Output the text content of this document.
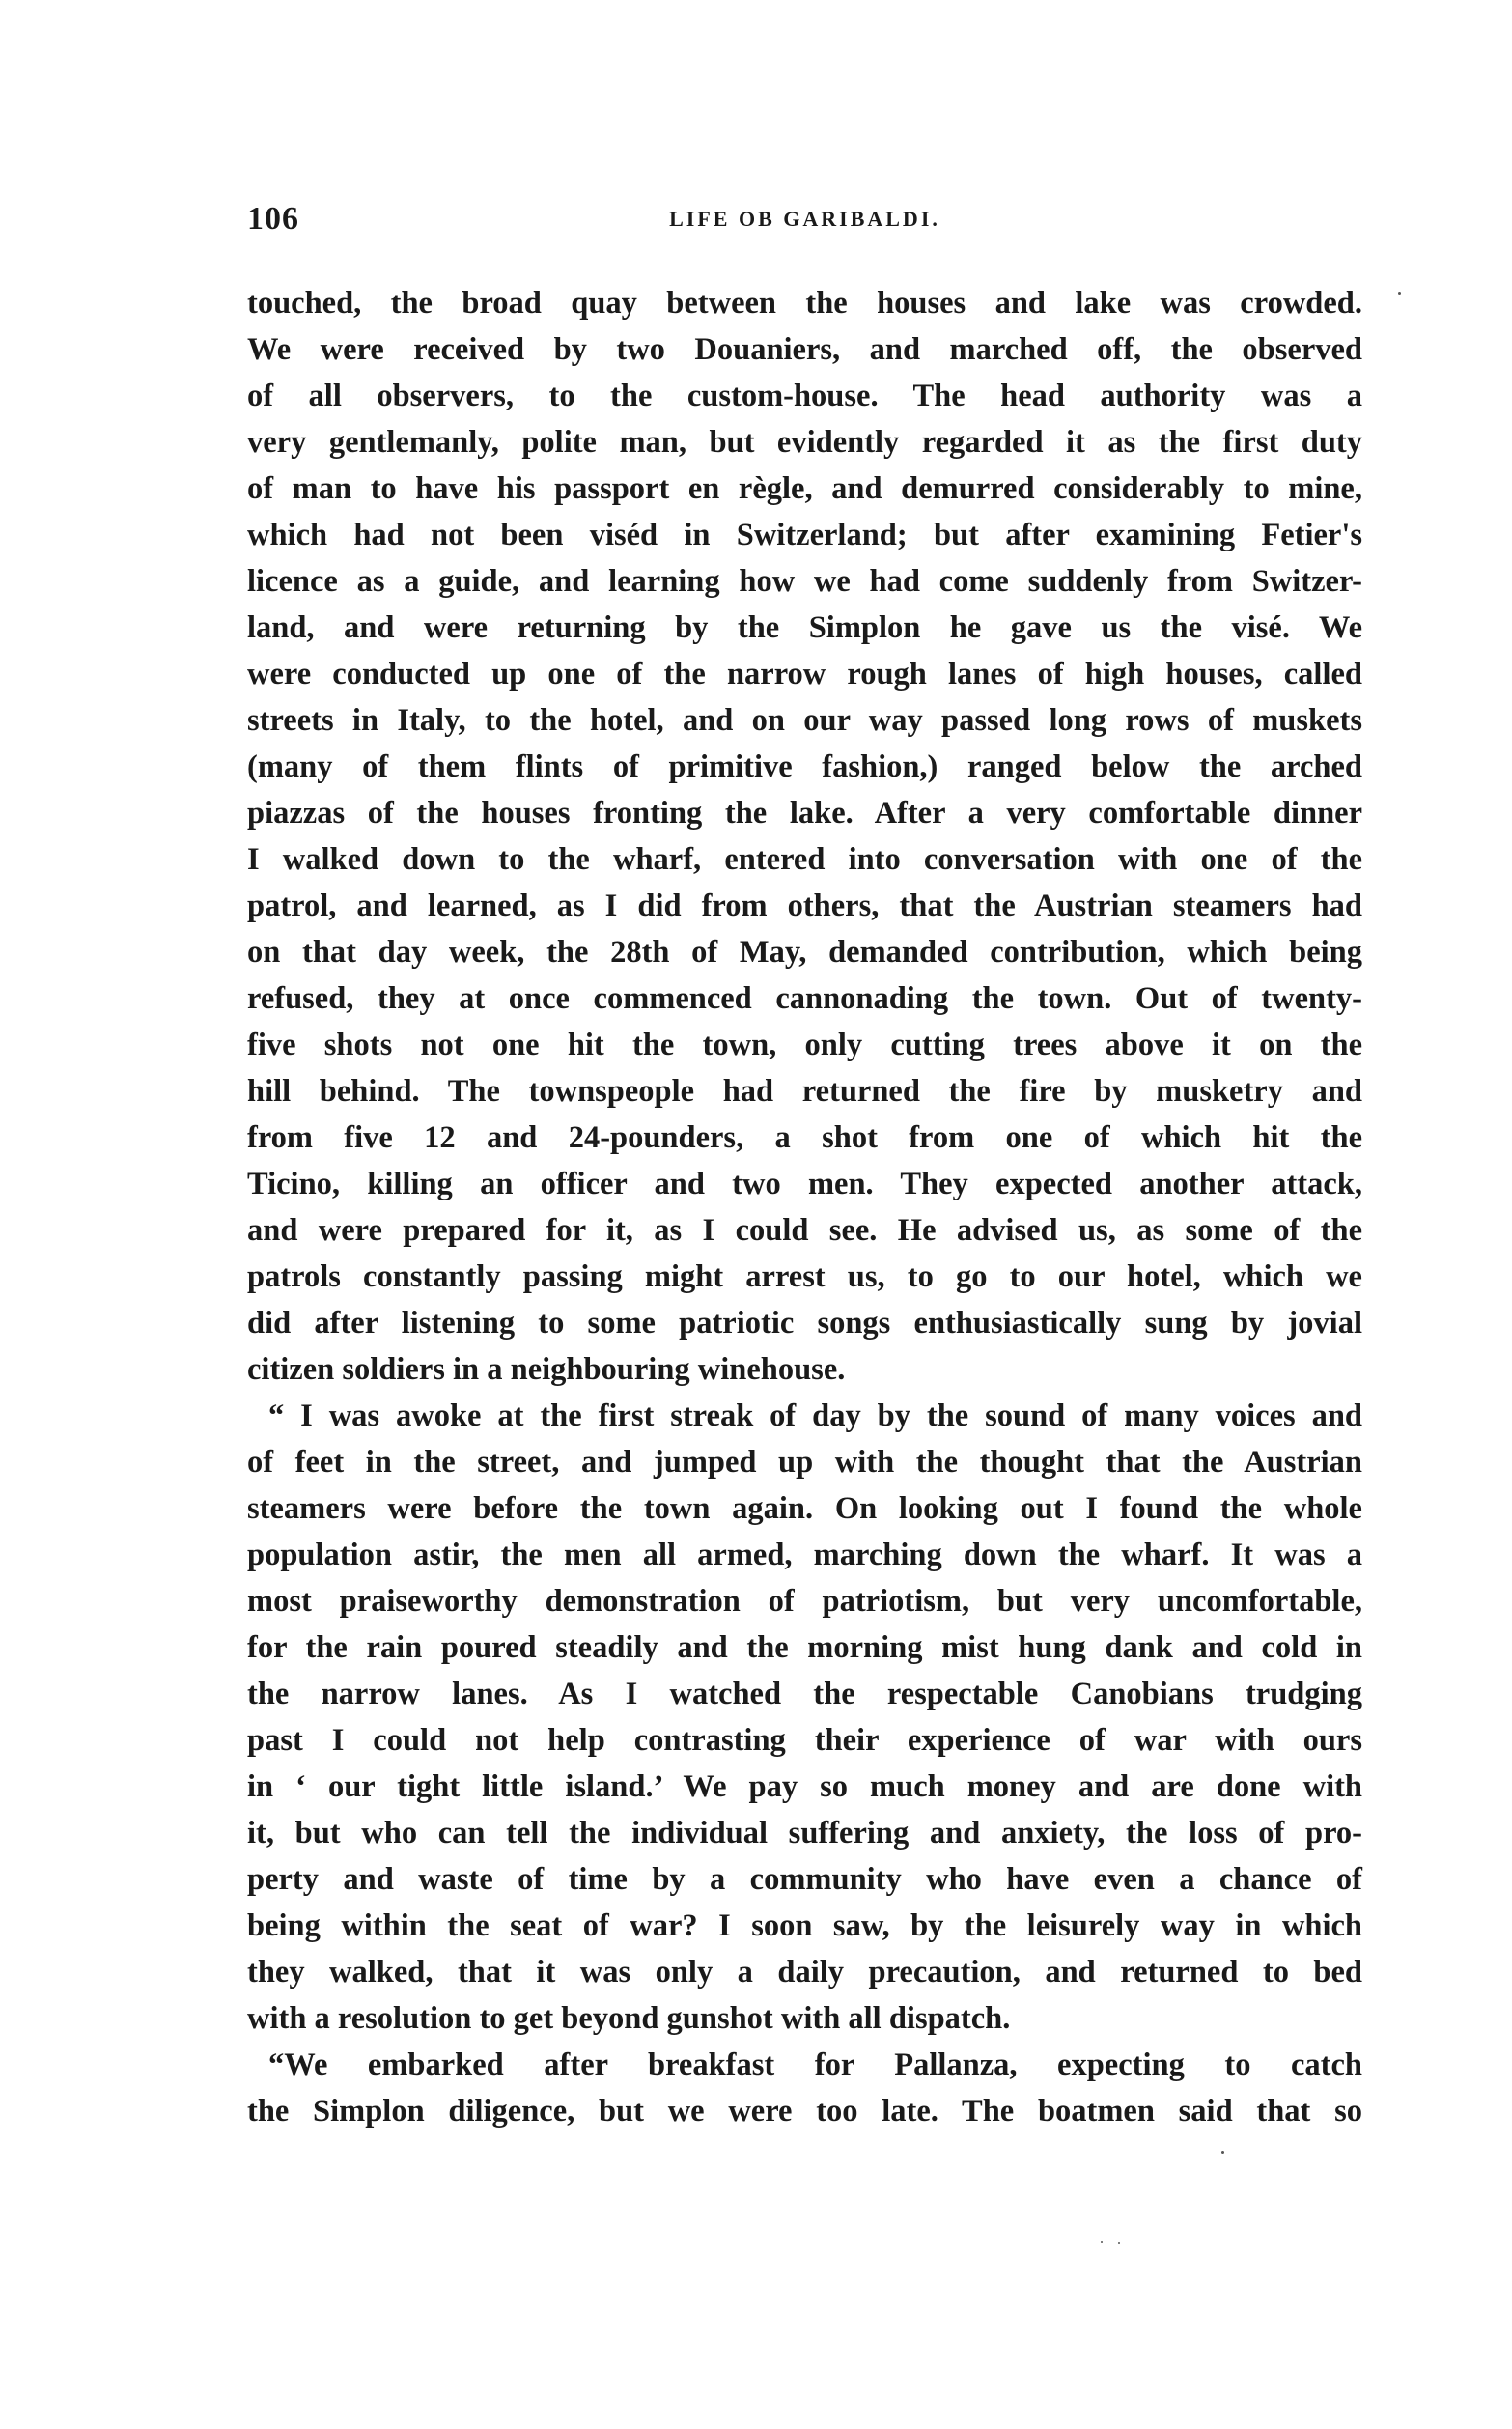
106	LIFE OB GARIBALDI.
touched, the broad quay between the houses and lake was crowded.
We were received by two Douaniers, and marched off, the observed
of all observers, to the custom-house. The head authority was a
very gentlemanly, polite man, but evidently regarded it as the first duty
of man to have his passport en règle, and demurred considerably to mine,
which had not been viséd in Switzerland; but after examining Fetier's
licence as a guide, and learning how we had come suddenly from Switzer-
land, and were returning by the Simplon he gave us the visé. We
were conducted up one of the narrow rough lanes of high houses, called
streets in Italy, to the hotel, and on our way passed long rows of muskets
(many of them flints of primitive fashion,) ranged below the arched
piazzas of the houses fronting the lake. After a very comfortable dinner
I walked down to the wharf, entered into conversation with one of the
patrol, and learned, as I did from others, that the Austrian steamers had
on that day week, the 28th of May, demanded contribution, which being
refused, they at once commenced cannonading the town. Out of twenty-
five shots not one hit the town, only cutting trees above it on the
hill behind. The townspeople had returned the fire by musketry and
from five 12 and 24-pounders, a shot from one of which hit the
Ticino, killing an officer and two men. They expected another attack,
and were prepared for it, as I could see. He advised us, as some of the
patrols constantly passing might arrest us, to go to our hotel, which we
did after listening to some patriotic songs enthusiastically sung by jovial
citizen soldiers in a neighbouring winehouse.
“ I was awoke at the first streak of day by the sound of many voices and
of feet in the street, and jumped up with the thought that the Austrian
steamers were before the town again. On looking out I found the whole
population astir, the men all armed, marching down the wharf. It was a
most praiseworthy demonstration of patriotism, but very uncomfortable,
for the rain poured steadily and the morning mist hung dank and cold in
the narrow lanes. As I watched the respectable Canobians trudging
past I could not help contrasting their experience of war with ours
in ‘ our tight little island.’ We pay so much money and are done with
it, but who can tell the individual suffering and anxiety, the loss of pro-
perty and waste of time by a community who have even a chance of
being within the seat of war? I soon saw, by the leisurely way in which
they walked, that it was only a daily precaution, and returned to bed
with a resolution to get beyond gunshot with all dispatch.
“We embarked after breakfast for Pallanza, expecting to catch
the Simplon diligence, but we were too late. The boatmen said that so
